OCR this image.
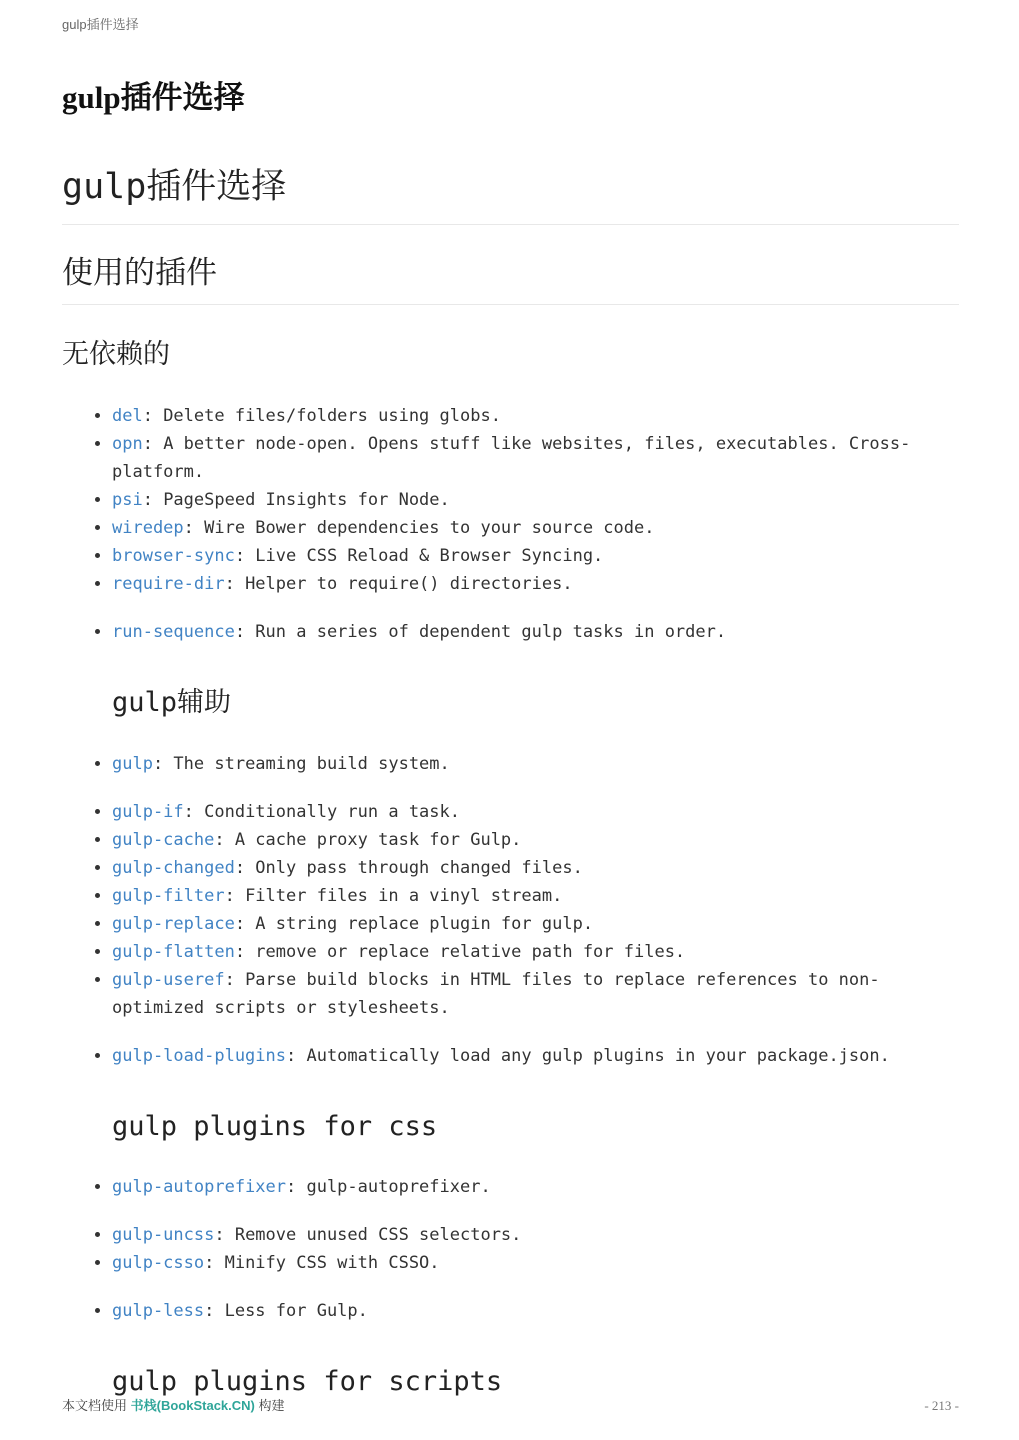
gulp插件选择
gulp插件选择
gulp插件选择
使用的插件
无依赖的
• del: Delete files/folders using globs.
• opn: A better node-open. Opens stuff like websites, files, executables. Cross-platform.
• psi: PageSpeed Insights for Node.
• wiredep: Wire Bower dependencies to your source code.
• browser-sync: Live CSS Reload & Browser Syncing.
• require-dir: Helper to require() directories.
• run-sequence: Run a series of dependent gulp tasks in order.
gulp辅助
• gulp: The streaming build system.
• gulp-if: Conditionally run a task.
• gulp-cache: A cache proxy task for Gulp.
• gulp-changed: Only pass through changed files.
• gulp-filter: Filter files in a vinyl stream.
• gulp-replace: A string replace plugin for gulp.
• gulp-flatten: remove or replace relative path for files.
• gulp-useref: Parse build blocks in HTML files to replace references to non-optimized scripts or stylesheets.
• gulp-load-plugins: Automatically load any gulp plugins in your package.json.
gulp plugins for css
• gulp-autoprefixer: gulp-autoprefixer.
• gulp-uncss: Remove unused CSS selectors.
• gulp-csso: Minify CSS with CSSO.
• gulp-less: Less for Gulp.
gulp plugins for scripts
本文档使用 书栈(BookStack.CN) 构建	- 213 -
